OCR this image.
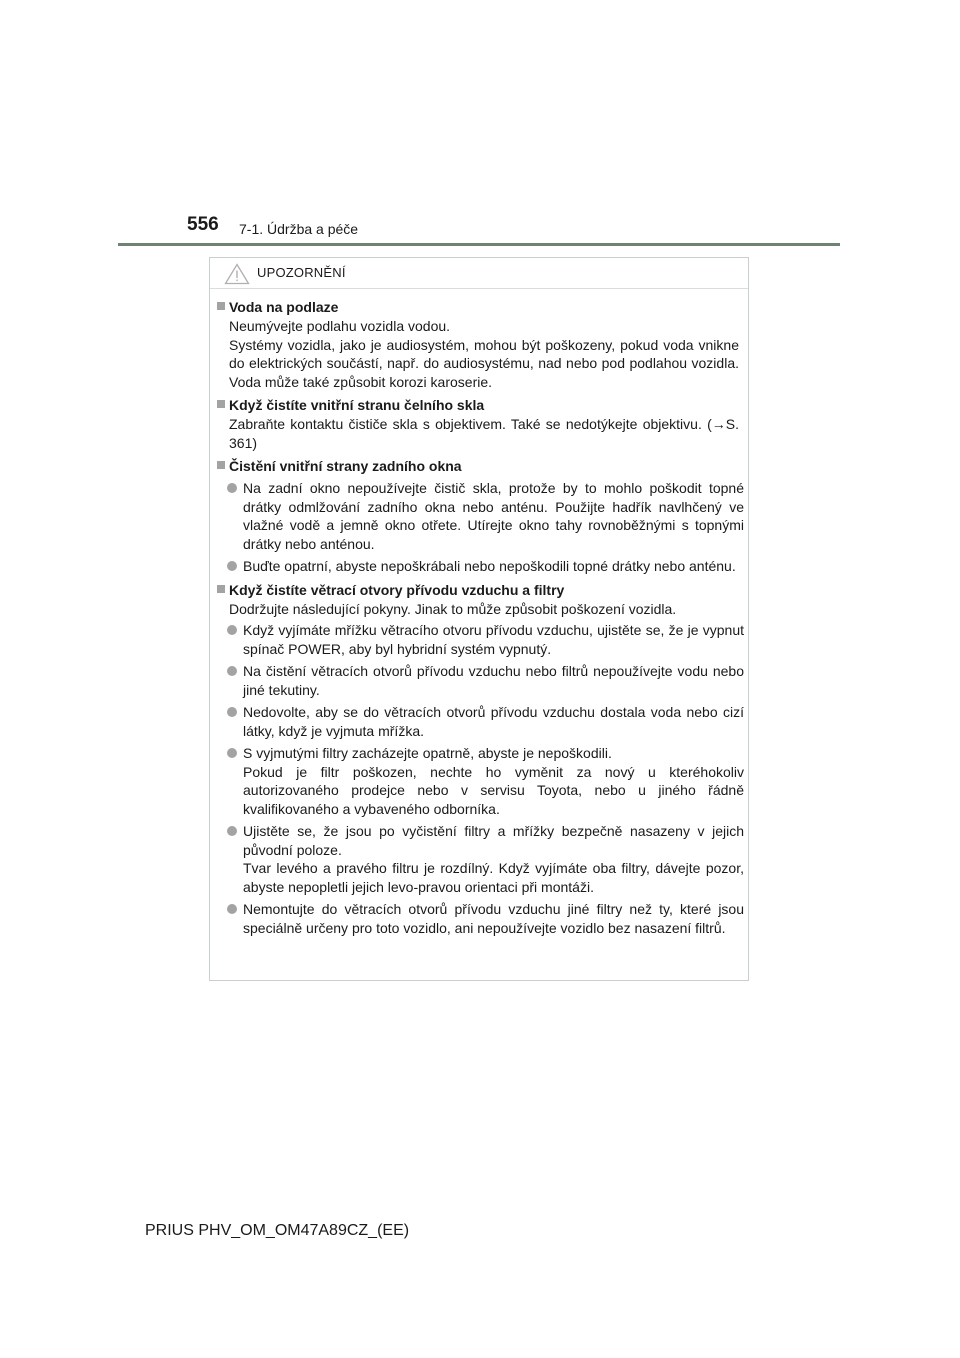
556 7-1. Údržba a péče
UPOZORNĚNÍ
Voda na podlaze
Neumývejte podlahu vozidla vodou.
Systémy vozidla, jako je audiosystém, mohou být poškozeny, pokud voda vnikne do elektrických součástí, např. do audiosystému, nad nebo pod podlahou vozidla. Voda může také způsobit korozi karoserie.
Když čistíte vnitřní stranu čelního skla
Zabraňte kontaktu čističe skla s objektivem. Také se nedotýkejte objektivu. (→S. 361)
Čistění vnitřní strany zadního okna
Na zadní okno nepoužívejte čistič skla, protože by to mohlo poškodit topné drátky odmlžování zadního okna nebo anténu. Použijte hadřík navlhčený ve vlažné vodě a jemně okno otřete. Utírejte okno tahy rovnoběžnými s topnými drátky nebo anténou.
Buďte opatrní, abyste nepoškrábali nebo nepoškodili topné drátky nebo anténu.
Když čistíte větrací otvory přívodu vzduchu a filtry
Dodržujte následující pokyny. Jinak to může způsobit poškození vozidla.
Když vyjímáte mřížku větracího otvoru přívodu vzduchu, ujistěte se, že je vypnut spínač POWER, aby byl hybridní systém vypnutý.
Na čistění větracích otvorů přívodu vzduchu nebo filtrů nepoužívejte vodu nebo jiné tekutiny.
Nedovolte, aby se do větracích otvorů přívodu vzduchu dostala voda nebo cizí látky, když je vyjmuta mřížka.
S vyjmutými filtry zacházejte opatrně, abyste je nepoškodili.
Pokud je filtr poškozen, nechte ho vyměnit za nový u kteréhokoliv autorizovaného prodejce nebo v servisu Toyota, nebo u jiného řádně kvalifikovaného a vybaveného odborníka.
Ujistěte se, že jsou po vyčistění filtry a mřížky bezpečně nasazeny v jejich původní poloze.
Tvar levého a pravého filtru je rozdílný. Když vyjímáte oba filtry, dávejte pozor, abyste nepopletli jejich levo-pravou orientaci při montáži.
Nemontujte do větracích otvorů přívodu vzduchu jiné filtry než ty, které jsou speciálně určeny pro toto vozidlo, ani nepoužívejte vozidlo bez nasazení filtrů.
PRIUS PHV_OM_OM47A89CZ_(EE)
